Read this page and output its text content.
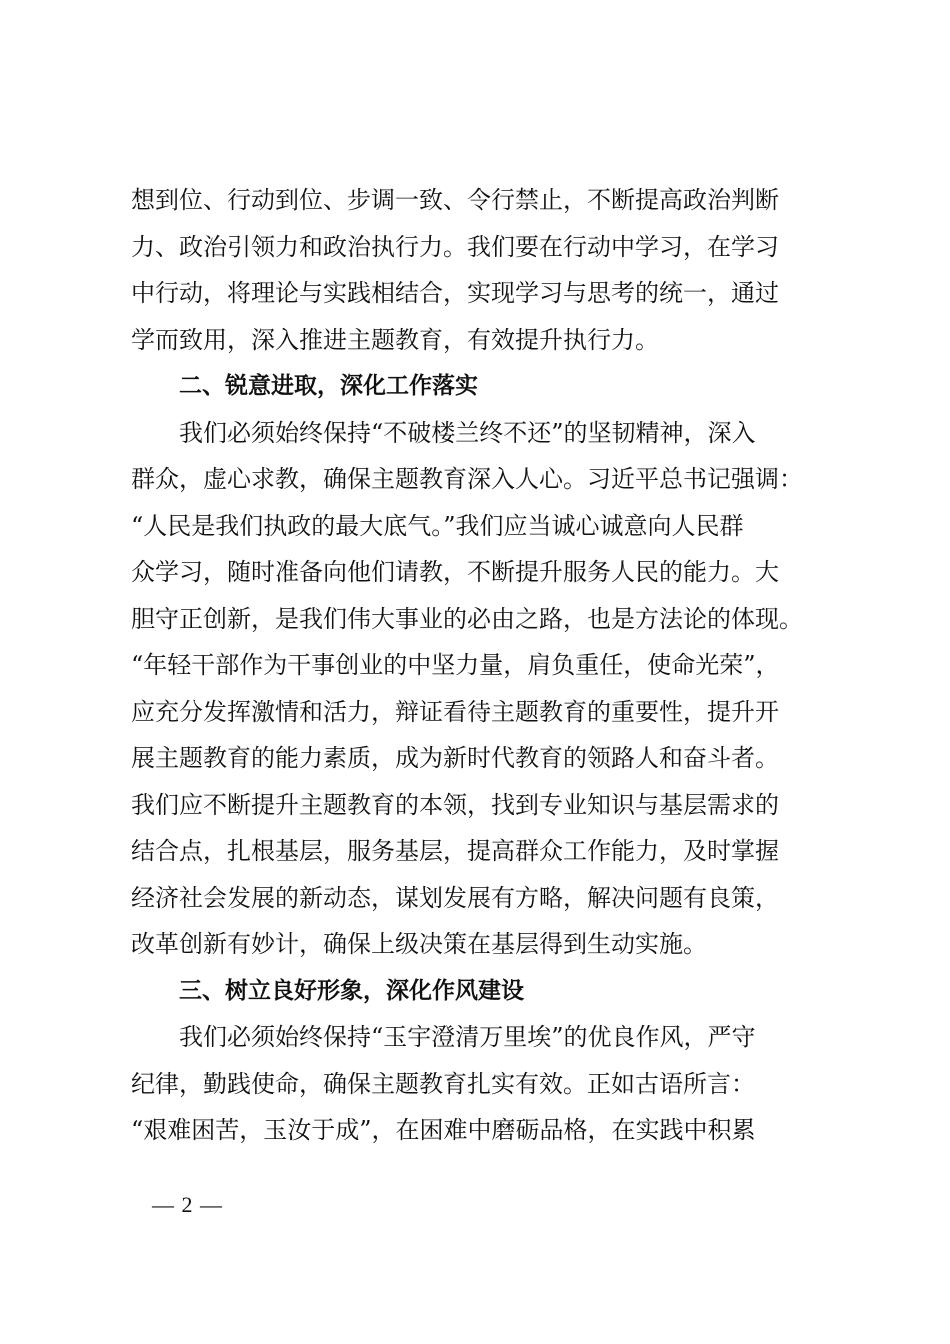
想到位、行动到位、步调一致、令行禁止，不断提高政治判断
力、政治引领力和政治执行力。我们要在行动中学习，在学习
中行动，将理论与实践相结合，实现学习与思考的统一，通过
学而致用，深入推进主题教育，有效提升执行力。
二、锐意进取，深化工作落实
我们必须始终保持“不破楼兰终不还”的坚韧精神，深入
群众，虚心求教，确保主题教育深入人心。习近平总书记强调：
“人民是我们执政的最大底气。”我们应当诚心诚意向人民群
众学习，随时准备向他们请教，不断提升服务人民的能力。大
胆守正创新，是我们伟大事业的必由之路，也是方法论的体现。
“年轻干部作为干事创业的中坚力量，肩负重任，使命光荣”，
应充分发挥激情和活力，辩证看待主题教育的重要性，提升开
展主题教育的能力素质，成为新时代教育的领路人和奋斗者。
我们应不断提升主题教育的本领，找到专业知识与基层需求的
结合点，扎根基层，服务基层，提高群众工作能力，及时掌握
经济社会发展的新动态，谋划发展有方略，解决问题有良策，
改革创新有妙计，确保上级决策在基层得到生动实施。
三、树立良好形象，深化作风建设
我们必须始终保持“玉宇澄清万里埃”的优良作风，严守
纪律，勤践使命，确保主题教育扎实有效。正如古语所言：
“艰难困苦，玉汝于成”，在困难中磨砺品格，在实践中积累
— 2 —
